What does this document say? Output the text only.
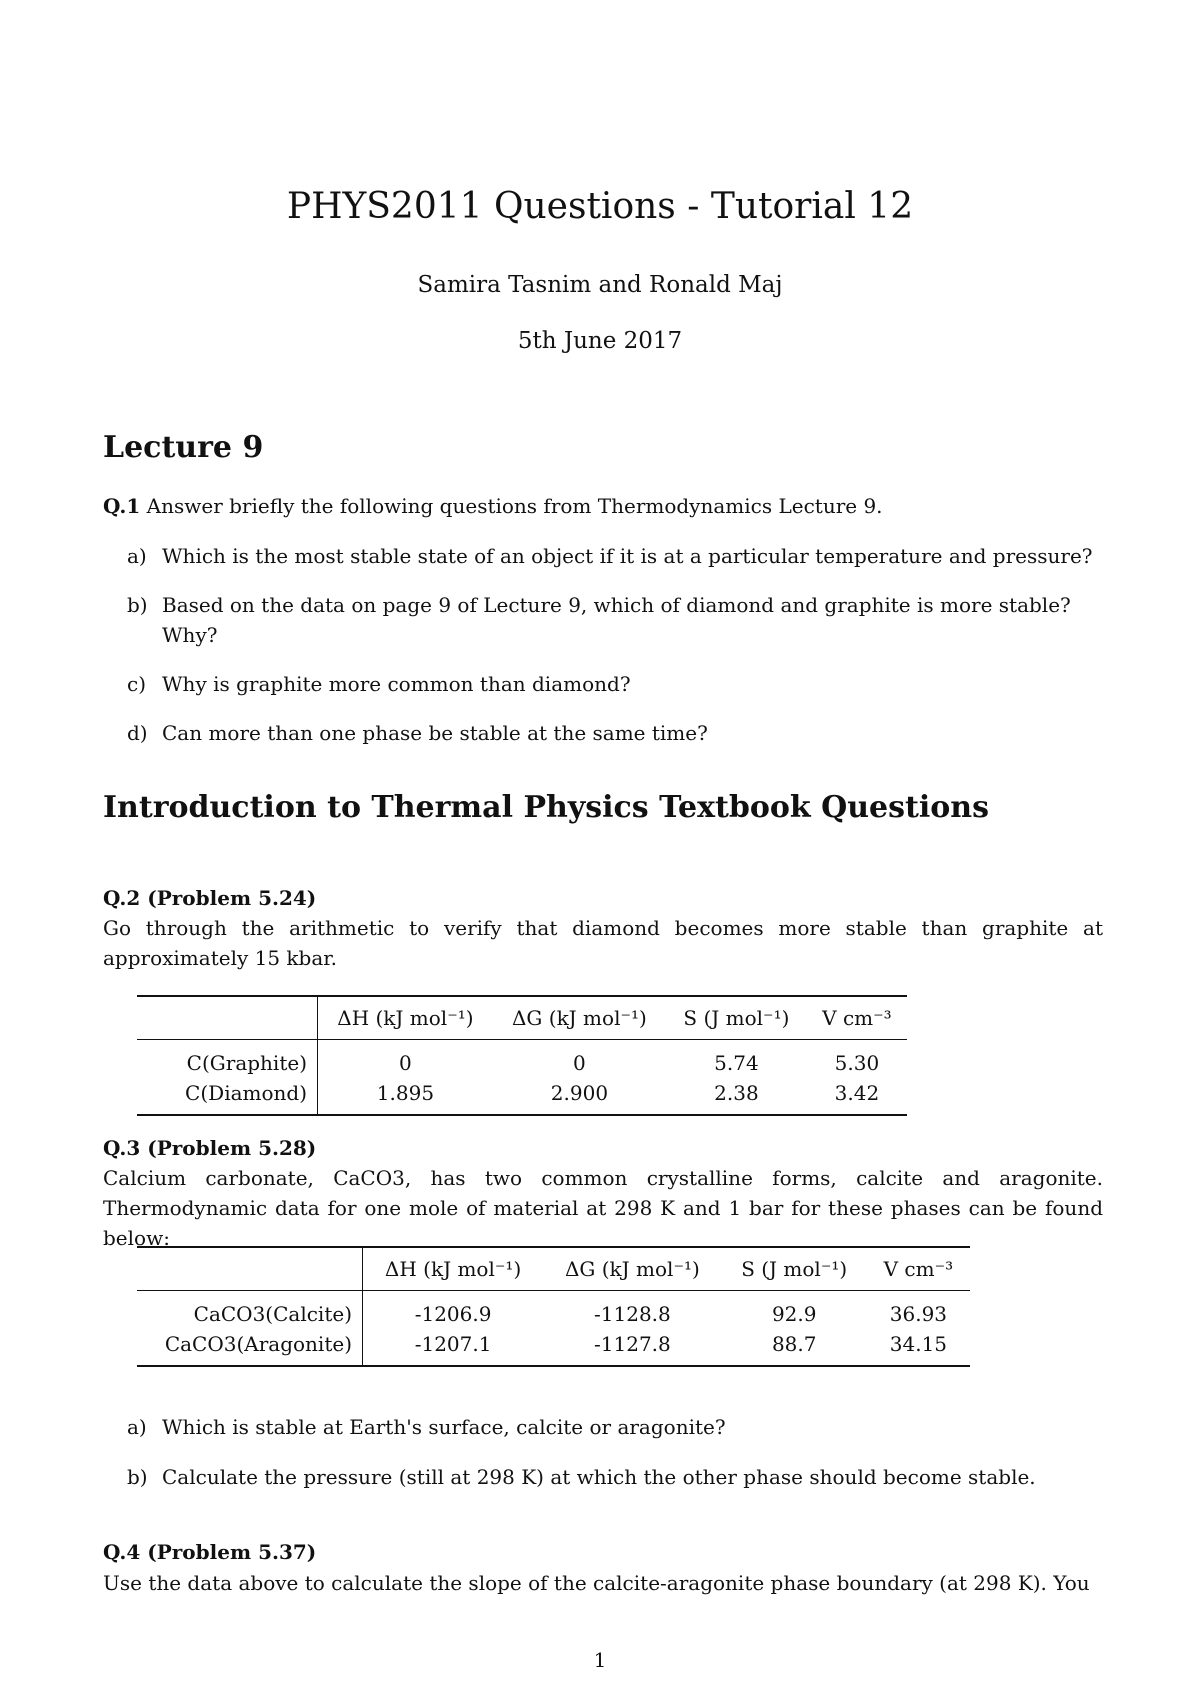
PHYS2011 Questions - Tutorial 12
Samira Tasnim and Ronald Maj
5th June 2017
Lecture 9
Q.1 Answer briefly the following questions from Thermodynamics Lecture 9.
a) Which is the most stable state of an object if it is at a particular temperature and pressure?
b) Based on the data on page 9 of Lecture 9, which of diamond and graphite is more stable? Why?
c) Why is graphite more common than diamond?
d) Can more than one phase be stable at the same time?
Introduction to Thermal Physics Textbook Questions
Q.2 (Problem 5.24)
Go through the arithmetic to verify that diamond becomes more stable than graphite at approximately 15 kbar.
	ΔH (kJ mol⁻¹)	ΔG (kJ mol⁻¹)	S (J mol⁻¹)	V cm⁻³
C(Graphite)	0	0	5.74	5.30
C(Diamond)	1.895	2.900	2.38	3.42
Q.3 (Problem 5.28)
Calcium carbonate, CaCO3, has two common crystalline forms, calcite and aragonite. Thermodynamic data for one mole of material at 298 K and 1 bar for these phases can be found below:
	ΔH (kJ mol⁻¹)	ΔG (kJ mol⁻¹)	S (J mol⁻¹)	V cm⁻³
CaCO3(Calcite)	-1206.9	-1128.8	92.9	36.93
CaCO3(Aragonite)	-1207.1	-1127.8	88.7	34.15
a) Which is stable at Earth's surface, calcite or aragonite?
b) Calculate the pressure (still at 298 K) at which the other phase should become stable.
Q.4 (Problem 5.37)
Use the data above to calculate the slope of the calcite-aragonite phase boundary (at 298 K). You
1
